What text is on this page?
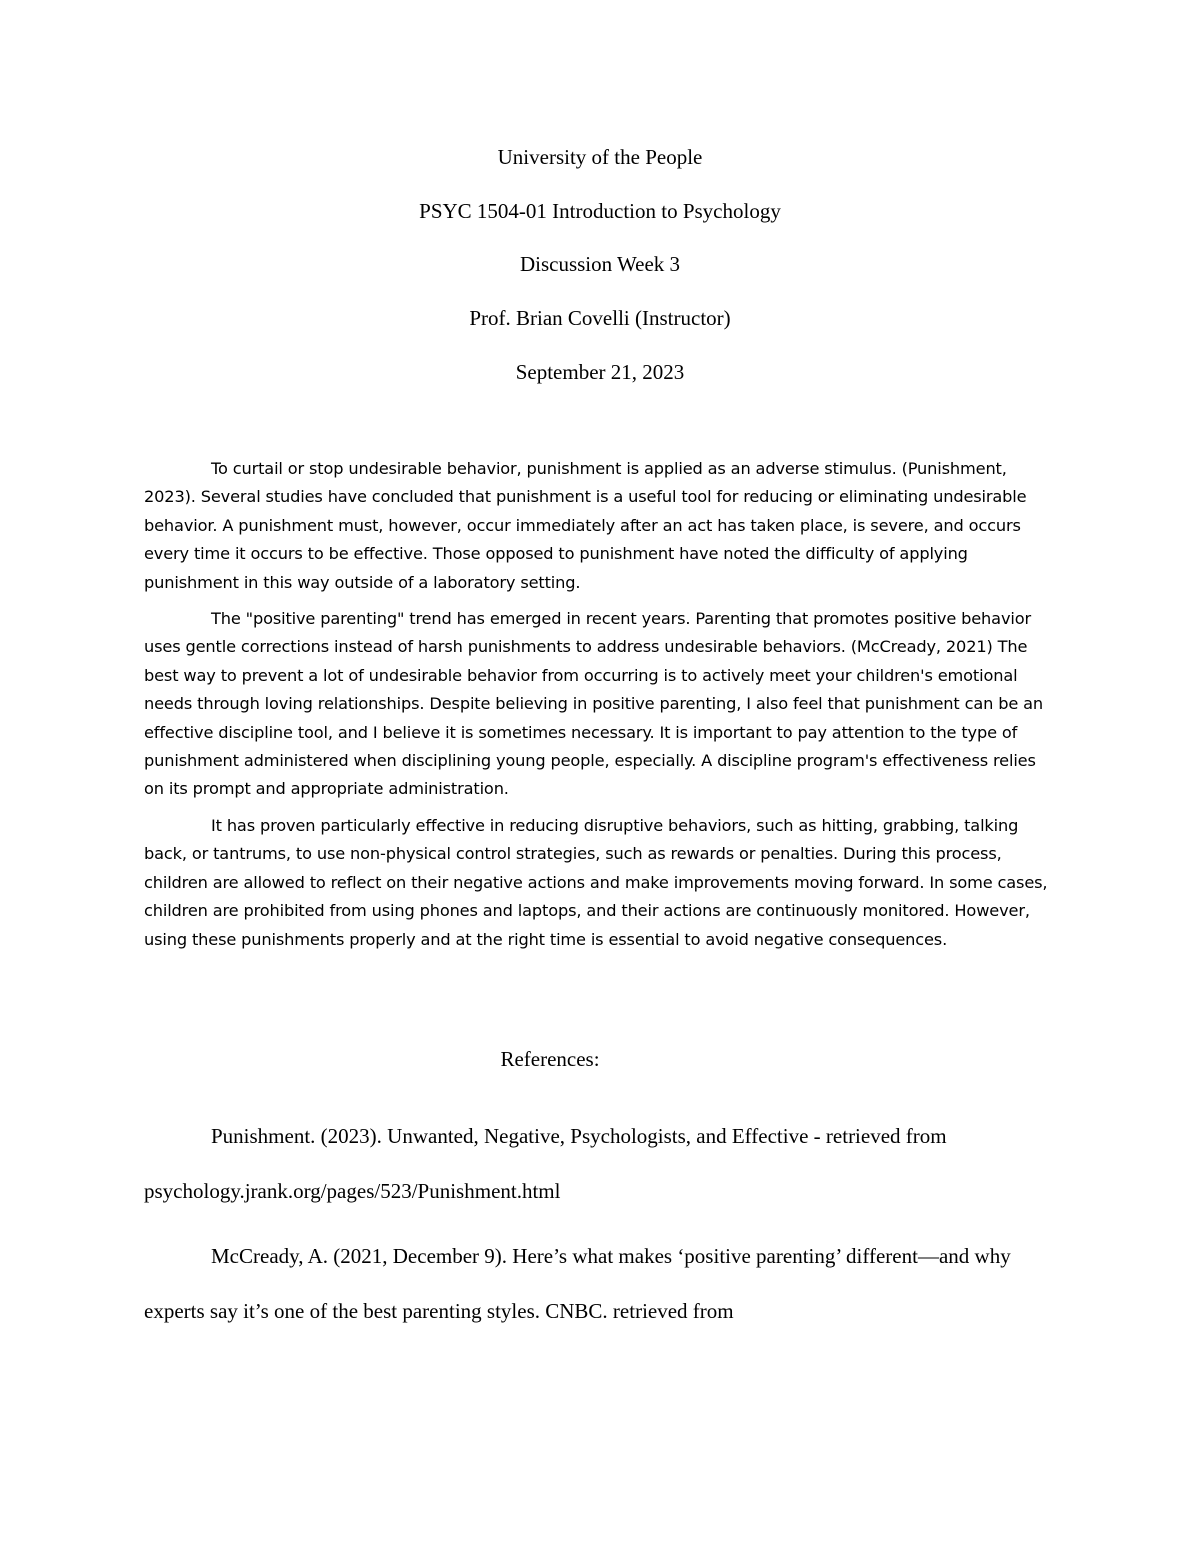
University of the People
PSYC 1504-01 Introduction to Psychology
Discussion Week 3
Prof. Brian Covelli (Instructor)
September 21, 2023

To curtail or stop undesirable behavior, punishment is applied as an adverse stimulus. (Punishment, 2023). Several studies have concluded that punishment is a useful tool for reducing or eliminating undesirable behavior. A punishment must, however, occur immediately after an act has taken place, is severe, and occurs every time it occurs to be effective. Those opposed to punishment have noted the difficulty of applying punishment in this way outside of a laboratory setting.

The "positive parenting" trend has emerged in recent years. Parenting that promotes positive behavior uses gentle corrections instead of harsh punishments to address undesirable behaviors. (McCready, 2021) The best way to prevent a lot of undesirable behavior from occurring is to actively meet your children's emotional needs through loving relationships. Despite believing in positive parenting, I also feel that punishment can be an effective discipline tool, and I believe it is sometimes necessary. It is important to pay attention to the type of punishment administered when disciplining young people, especially. A discipline program's effectiveness relies on its prompt and appropriate administration.

It has proven particularly effective in reducing disruptive behaviors, such as hitting, grabbing, talking back, or tantrums, to use non-physical control strategies, such as rewards or penalties. During this process, children are allowed to reflect on their negative actions and make improvements moving forward. In some cases, children are prohibited from using phones and laptops, and their actions are continuously monitored. However, using these punishments properly and at the right time is essential to avoid negative consequences.

References:

Punishment. (2023). Unwanted, Negative, Psychologists, and Effective - retrieved from psychology.jrank.org/pages/523/Punishment.html

McCready, A. (2021, December 9). Here’s what makes ‘positive parenting’ different—and why experts say it’s one of the best parenting styles. CNBC. retrieved from
